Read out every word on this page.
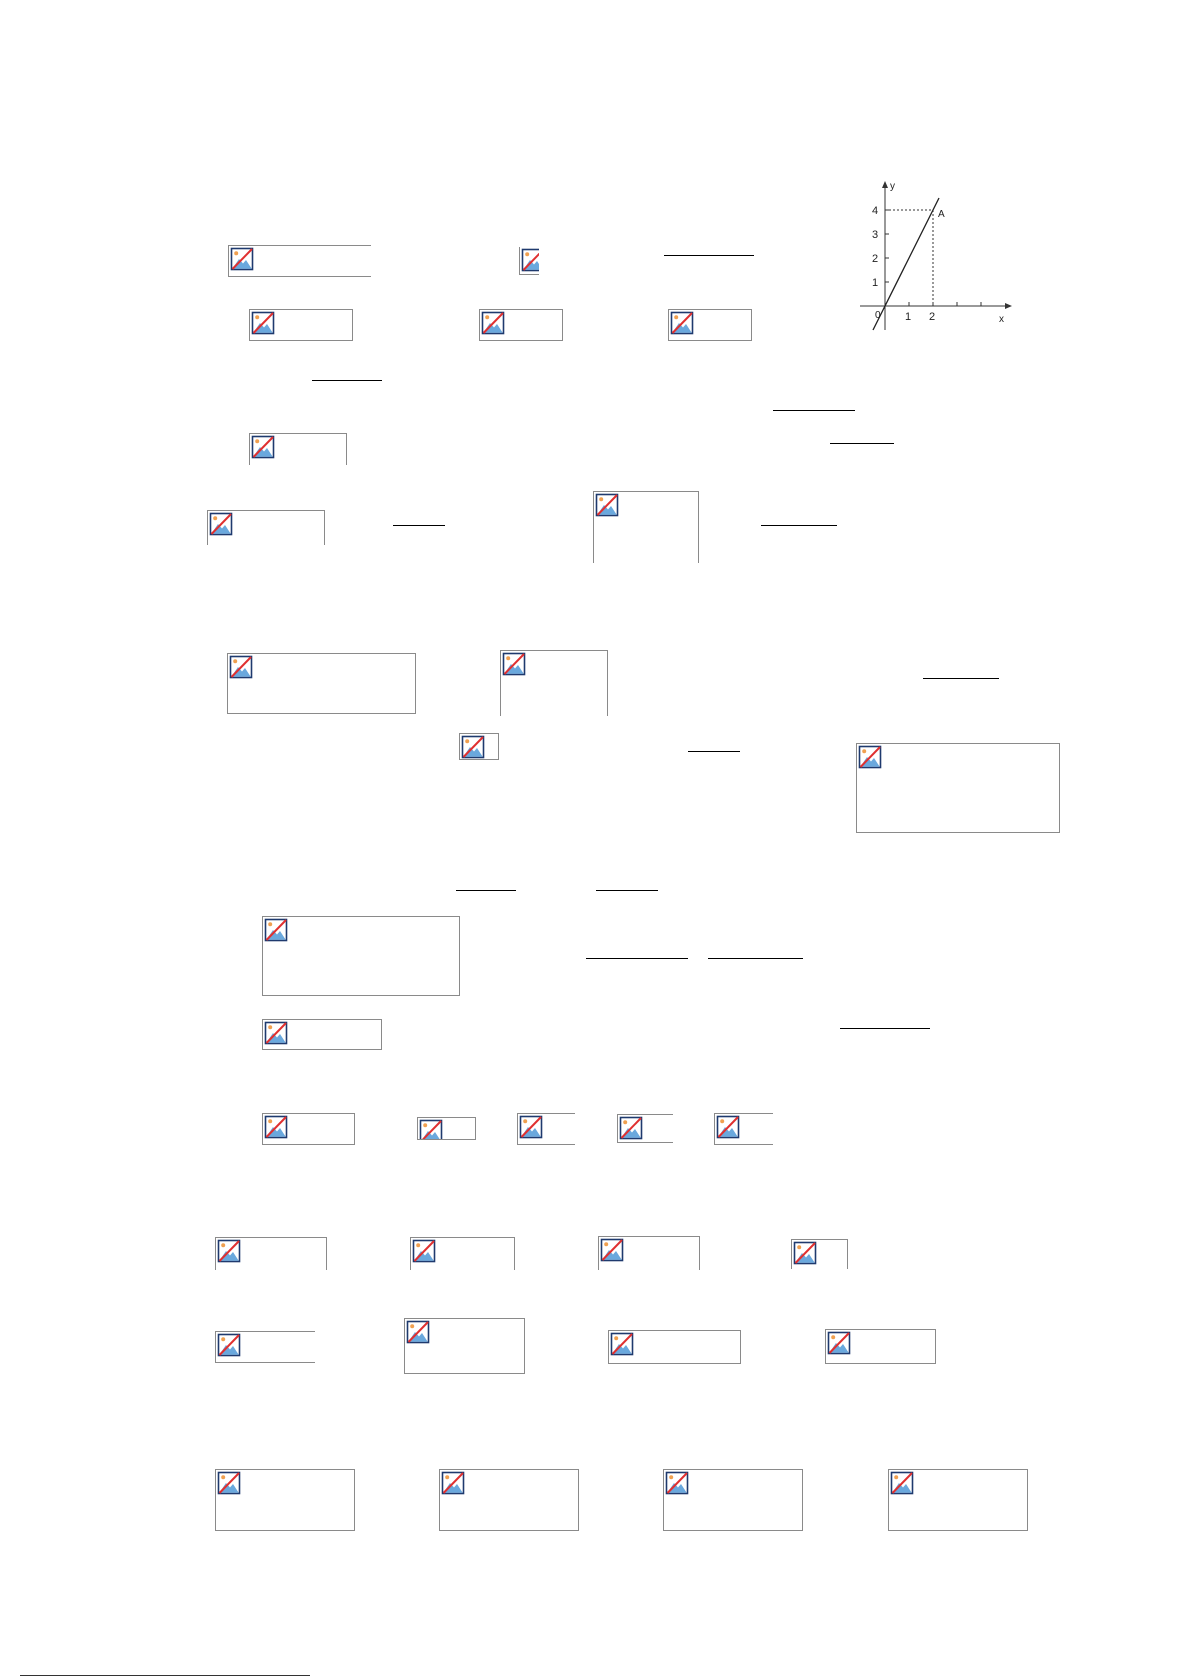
y
x
0
A
1 2
1
2
3
4
